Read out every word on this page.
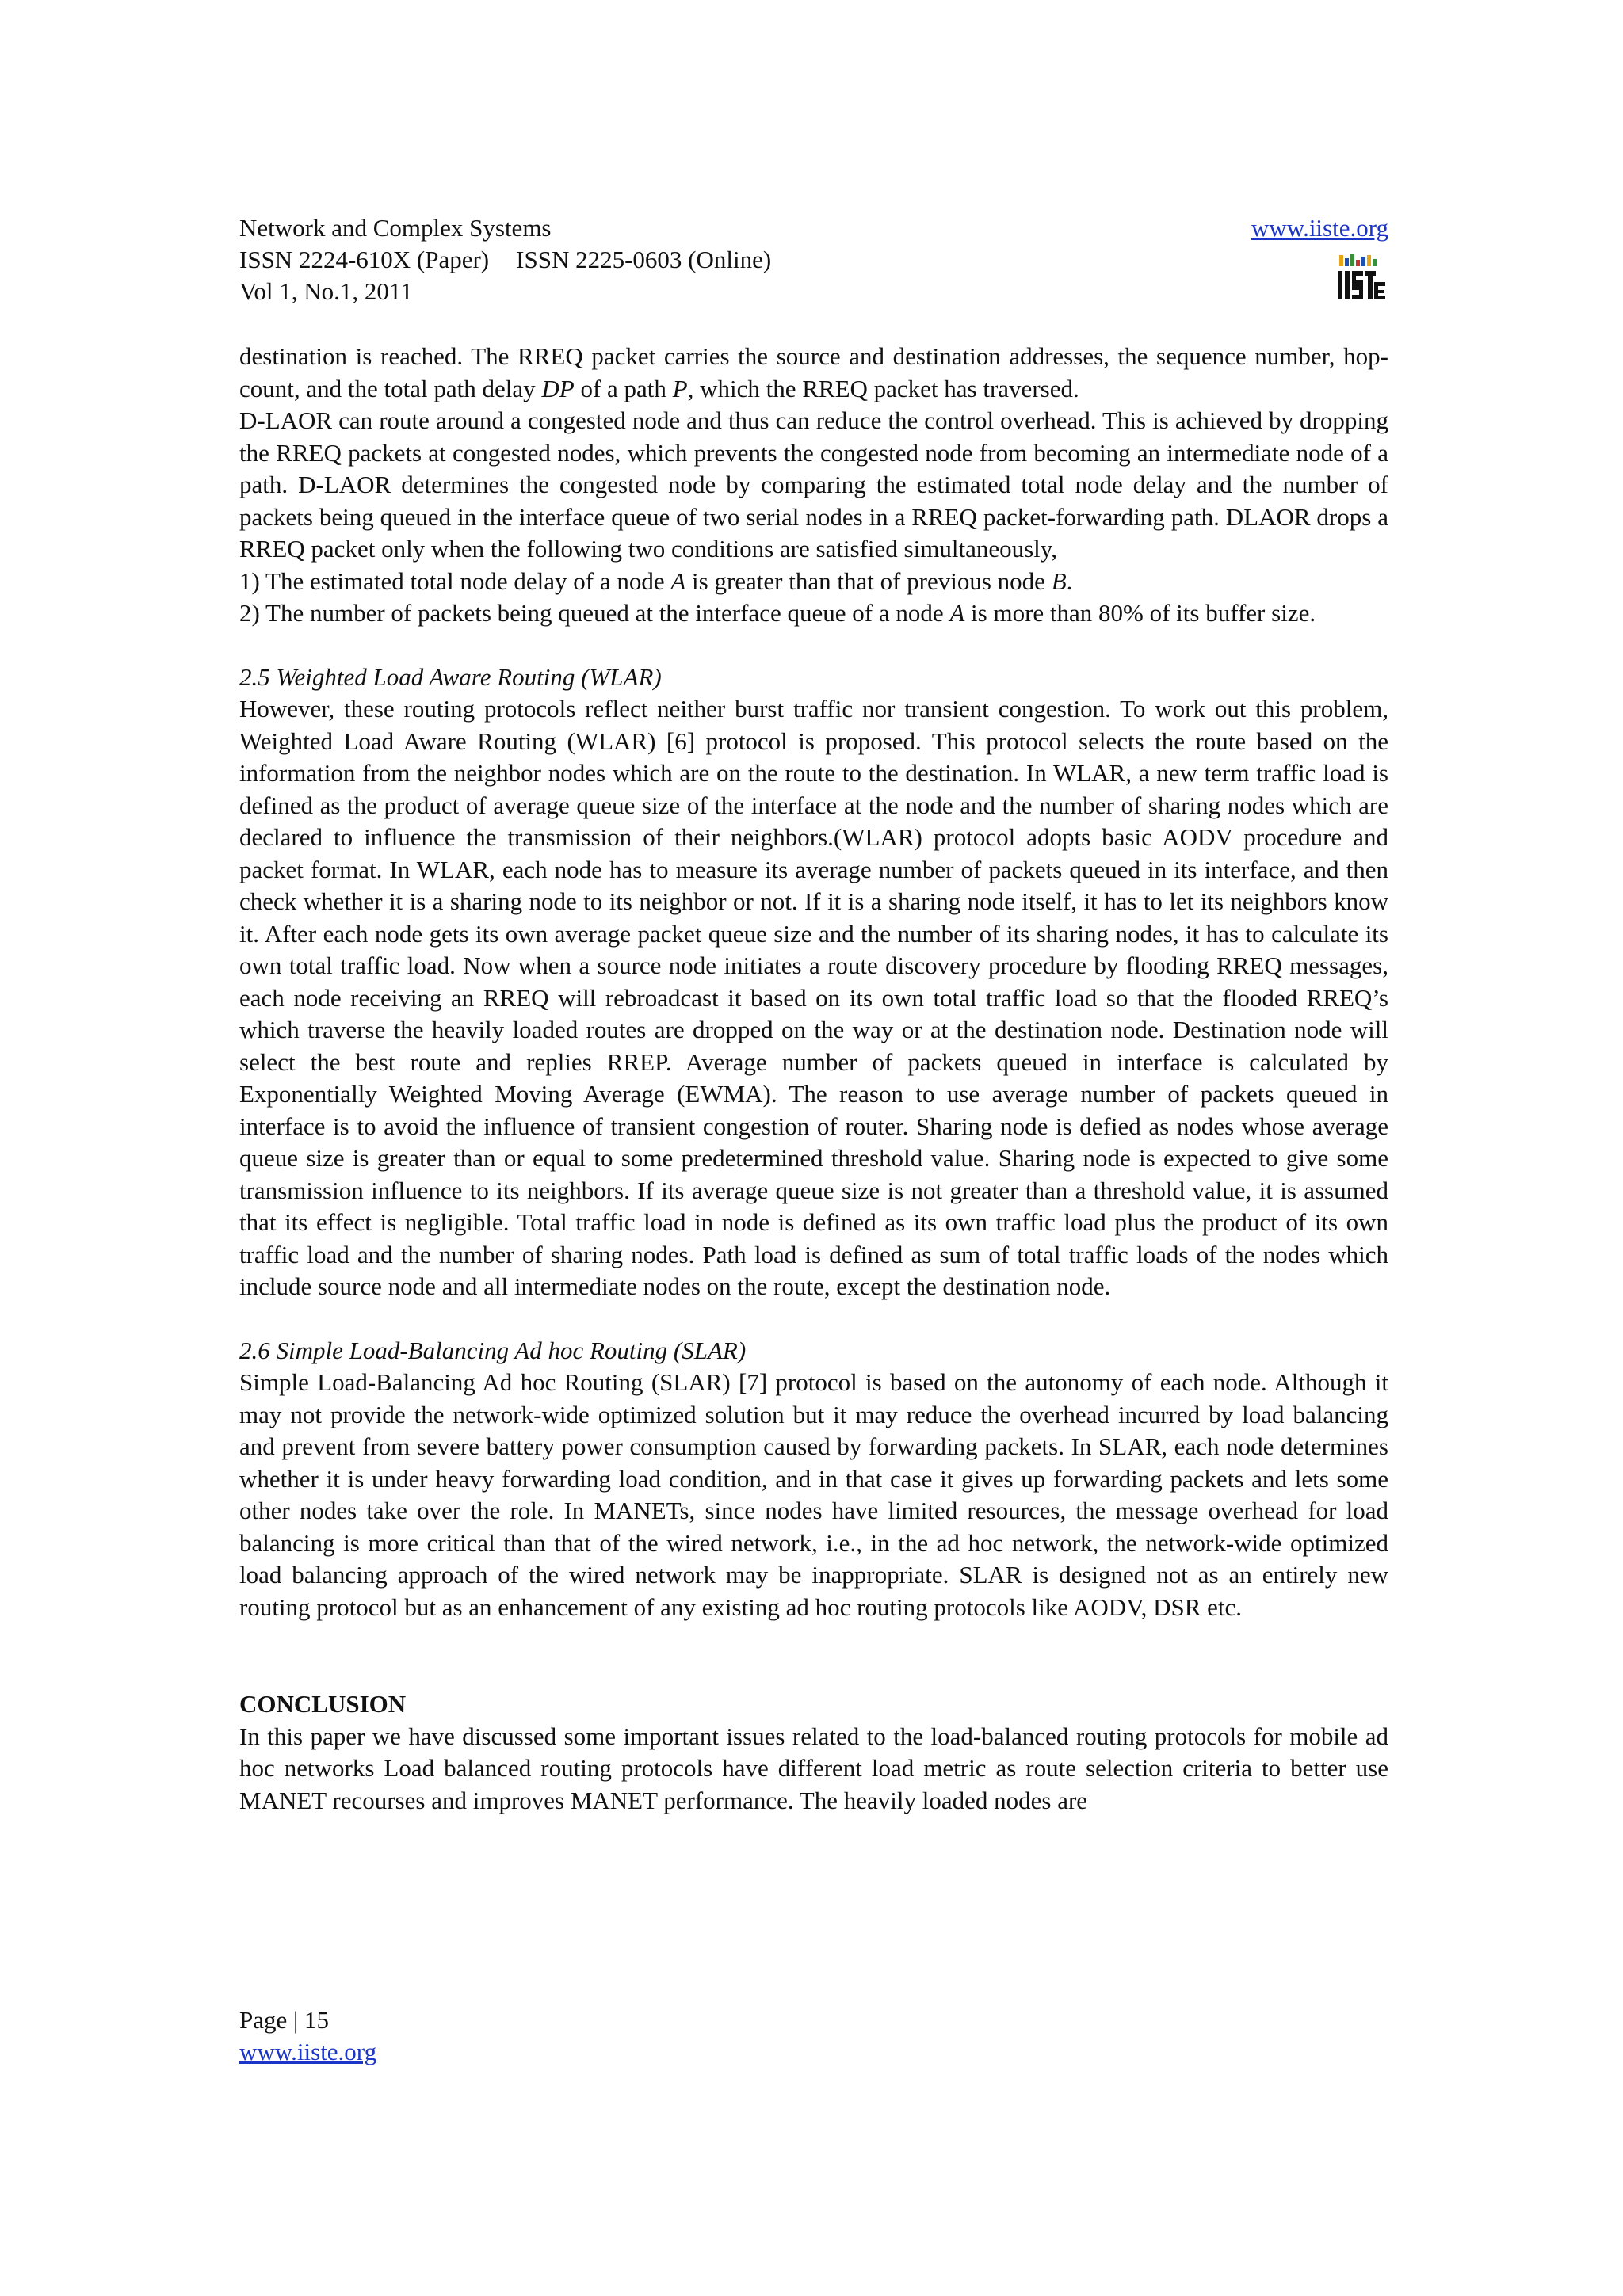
Network and Complex Systems
ISSN 2224-610X (Paper) ISSN 2225-0603 (Online)
Vol 1, No.1, 2011
www.iiste.org

destination is reached. The RREQ packet carries the source and destination addresses, the sequence number, hop-count, and the total path delay DP of a path P, which the RREQ packet has traversed.

D-LAOR can route around a congested node and thus can reduce the control overhead. This is achieved by dropping the RREQ packets at congested nodes, which prevents the congested node from becoming an intermediate node of a path. D-LAOR determines the congested node by comparing the estimated total node delay and the number of packets being queued in the interface queue of two serial nodes in a RREQ packet-forwarding path. DLAOR drops a RREQ packet only when the following two conditions are satisfied simultaneously,

1) The estimated total node delay of a node A is greater than that of previous node B.

2) The number of packets being queued at the interface queue of a node A is more than 80% of its buffer size.

2.5 Weighted Load Aware Routing (WLAR)

However, these routing protocols reflect neither burst traffic nor transient congestion. To work out this problem, Weighted Load Aware Routing (WLAR) [6] protocol is proposed. This protocol selects the route based on the information from the neighbor nodes which are on the route to the destination. In WLAR, a new term traffic load is defined as the product of average queue size of the interface at the node and the number of sharing nodes which are declared to influence the transmission of their neighbors.(WLAR) protocol adopts basic AODV procedure and packet format. In WLAR, each node has to measure its average number of packets queued in its interface, and then check whether it is a sharing node to its neighbor or not. If it is a sharing node itself, it has to let its neighbors know it. After each node gets its own average packet queue size and the number of its sharing nodes, it has to calculate its own total traffic load. Now when a source node initiates a route discovery procedure by flooding RREQ messages, each node receiving an RREQ will rebroadcast it based on its own total traffic load so that the flooded RREQ’s which traverse the heavily loaded routes are dropped on the way or at the destination node. Destination node will select the best route and replies RREP. Average number of packets queued in interface is calculated by Exponentially Weighted Moving Average (EWMA). The reason to use average number of packets queued in interface is to avoid the influence of transient congestion of router. Sharing node is defied as nodes whose average queue size is greater than or equal to some predetermined threshold value. Sharing node is expected to give some transmission influence to its neighbors. If its average queue size is not greater than a threshold value, it is assumed that its effect is negligible. Total traffic load in node is defined as its own traffic load plus the product of its own traffic load and the number of sharing nodes. Path load is defined as sum of total traffic loads of the nodes which include source node and all intermediate nodes on the route, except the destination node.

2.6 Simple Load-Balancing Ad hoc Routing (SLAR)

Simple Load-Balancing Ad hoc Routing (SLAR) [7] protocol is based on the autonomy of each node. Although it may not provide the network-wide optimized solution but it may reduce the overhead incurred by load balancing and prevent from severe battery power consumption caused by forwarding packets. In SLAR, each node determines whether it is under heavy forwarding load condition, and in that case it gives up forwarding packets and lets some other nodes take over the role. In MANETs, since nodes have limited resources, the message overhead for load balancing is more critical than that of the wired network, i.e., in the ad hoc network, the network-wide optimized load balancing approach of the wired network may be inappropriate. SLAR is designed not as an entirely new routing protocol but as an enhancement of any existing ad hoc routing protocols like AODV, DSR etc.

CONCLUSION

In this paper we have discussed some important issues related to the load-balanced routing protocols for mobile ad hoc networks Load balanced routing protocols have different load metric as route selection criteria to better use MANET recourses and improves MANET performance. The heavily loaded nodes are

Page | 15
www.iiste.org
